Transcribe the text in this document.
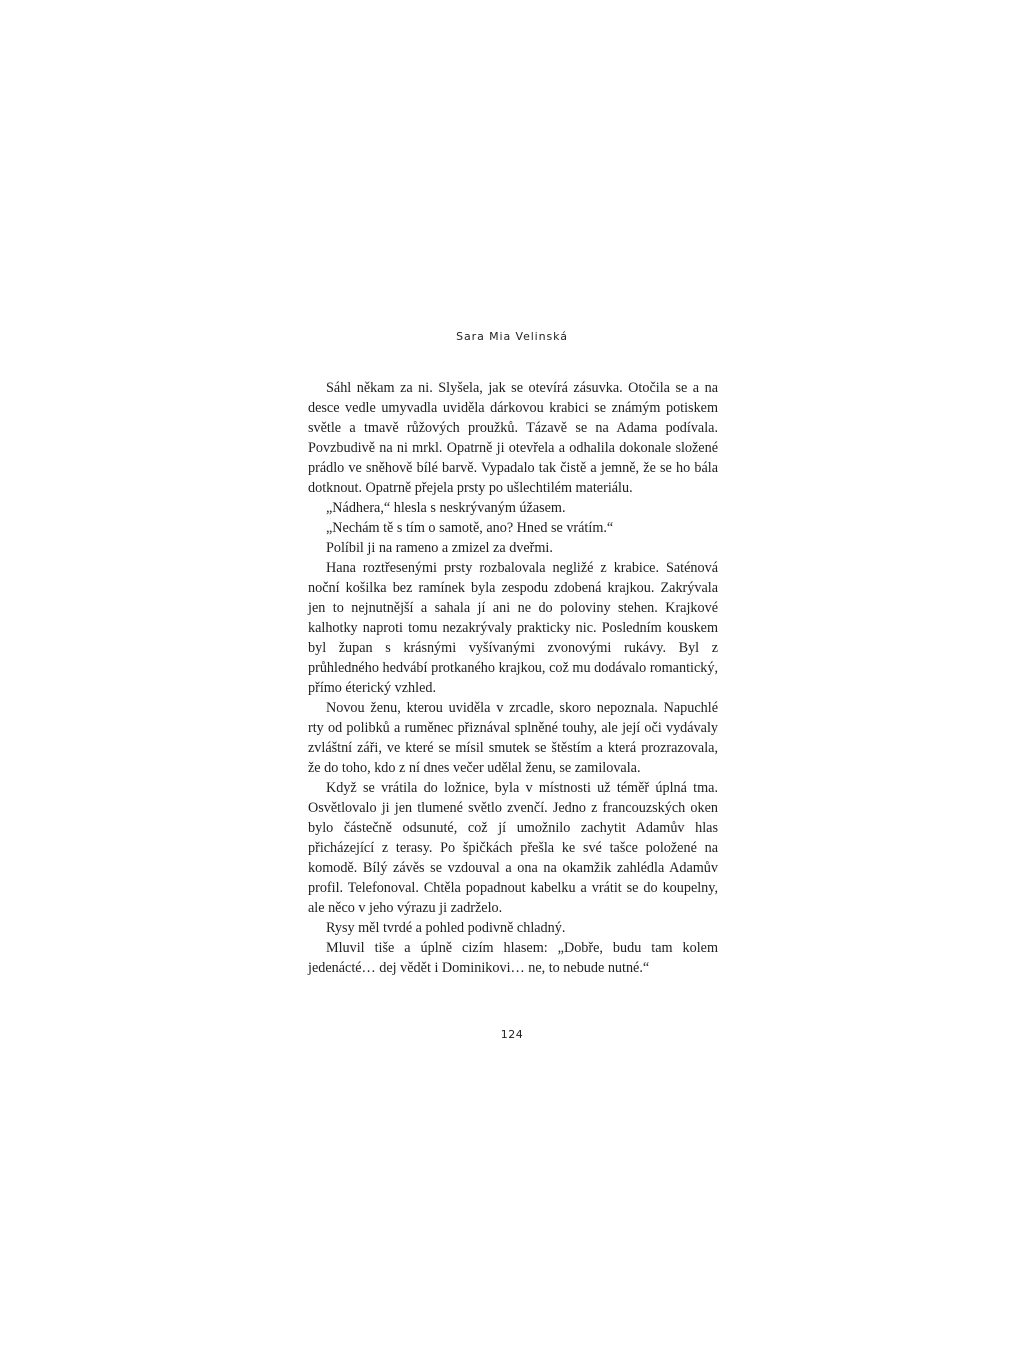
Sara Mia Velinská

Sáhl někam za ni. Slyšela, jak se otevírá zásuvka. Otočila se a na desce vedle umyvadla uviděla dárkovou krabici se známým potiskem světle a tmavě růžových proužků. Tázavě se na Adama podívala. Povzbudivě na ni mrkl. Opatrně ji otevřela a odhalila dokonale složené prádlo ve sněhově bílé barvě. Vypadalo tak čistě a jemně, že se ho bála dotknout. Opatrně přejela prsty po ušlechtilém materiálu.

„Nádhera,“ hlesla s neskrývaným úžasem.

„Nechám tě s tím o samotě, ano? Hned se vrátím.“

Políbil ji na rameno a zmizel za dveřmi.

Hana roztřesenými prsty rozbalovala negližé z krabice. Saténová noční košilka bez ramínek byla zespodu zdobená krajkou. Zakrývala jen to nejnutnější a sahala jí ani ne do poloviny stehen. Krajkové kalhotky naproti tomu nezakrývaly prakticky nic. Posledním kouskem byl župan s krásnými vyšívanými zvonovými rukávy. Byl z průhledného hedvábí protkaného krajkou, což mu dodávalo romantický, přímo éterický vzhled.

Novou ženu, kterou uviděla v zrcadle, skoro nepoznala. Napuchlé rty od polibků a ruměnec přiznával splněné touhy, ale její oči vydávaly zvláštní záři, ve které se mísil smutek se štěstím a která prozrazovala, že do toho, kdo z ní dnes večer udělal ženu, se zamilovala.

Když se vrátila do ložnice, byla v místnosti už téměř úplná tma. Osvětlovalo ji jen tlumené světlo zvenčí. Jedno z francouzských oken bylo částečně odsunuté, což jí umožnilo zachytit Adamův hlas přicházející z terasy. Po špičkách přešla ke své tašce položené na komodě. Bílý závěs se vzdouval a ona na okamžik zahlédla Adamův profil. Telefonoval. Chtěla popadnout kabelku a vrátit se do koupelny, ale něco v jeho výrazu ji zadrželo.

Rysy měl tvrdé a pohled podivně chladný.

Mluvil tiše a úplně cizím hlasem: „Dobře, budu tam kolem jedenácté… dej vědět i Dominikovi… ne, to nebude nutné.“

124
